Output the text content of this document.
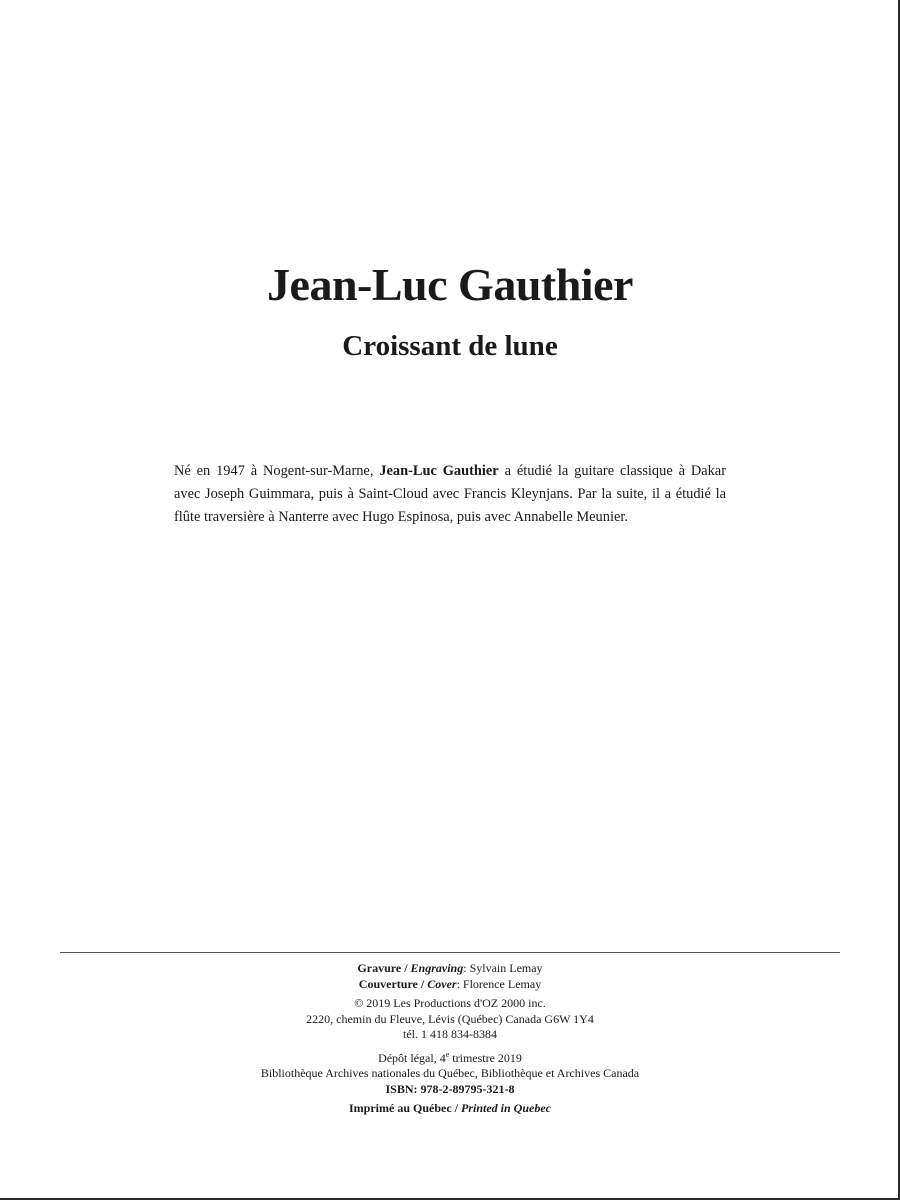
Jean-Luc Gauthier
Croissant de lune

Né en 1947 à Nogent-sur-Marne, Jean-Luc Gauthier a étudié la guitare classique à Dakar avec Joseph Guimmara, puis à Saint-Cloud avec Francis Kleynjans. Par la suite, il a étudié la flûte traversière à Nanterre avec Hugo Espinosa, puis avec Annabelle Meunier.

Gravure / Engraving: Sylvain Lemay
Couverture / Cover: Florence Lemay
© 2019 Les Productions d'OZ 2000 inc.
2220, chemin du Fleuve, Lévis (Québec) Canada G6W 1Y4
tél. 1 418 834-8384
Dépôt légal, 4e trimestre 2019
Bibliothèque Archives nationales du Québec, Bibliothèque et Archives Canada
ISBN: 978-2-89795-321-8
Imprimé au Québec / Printed in Quebec
